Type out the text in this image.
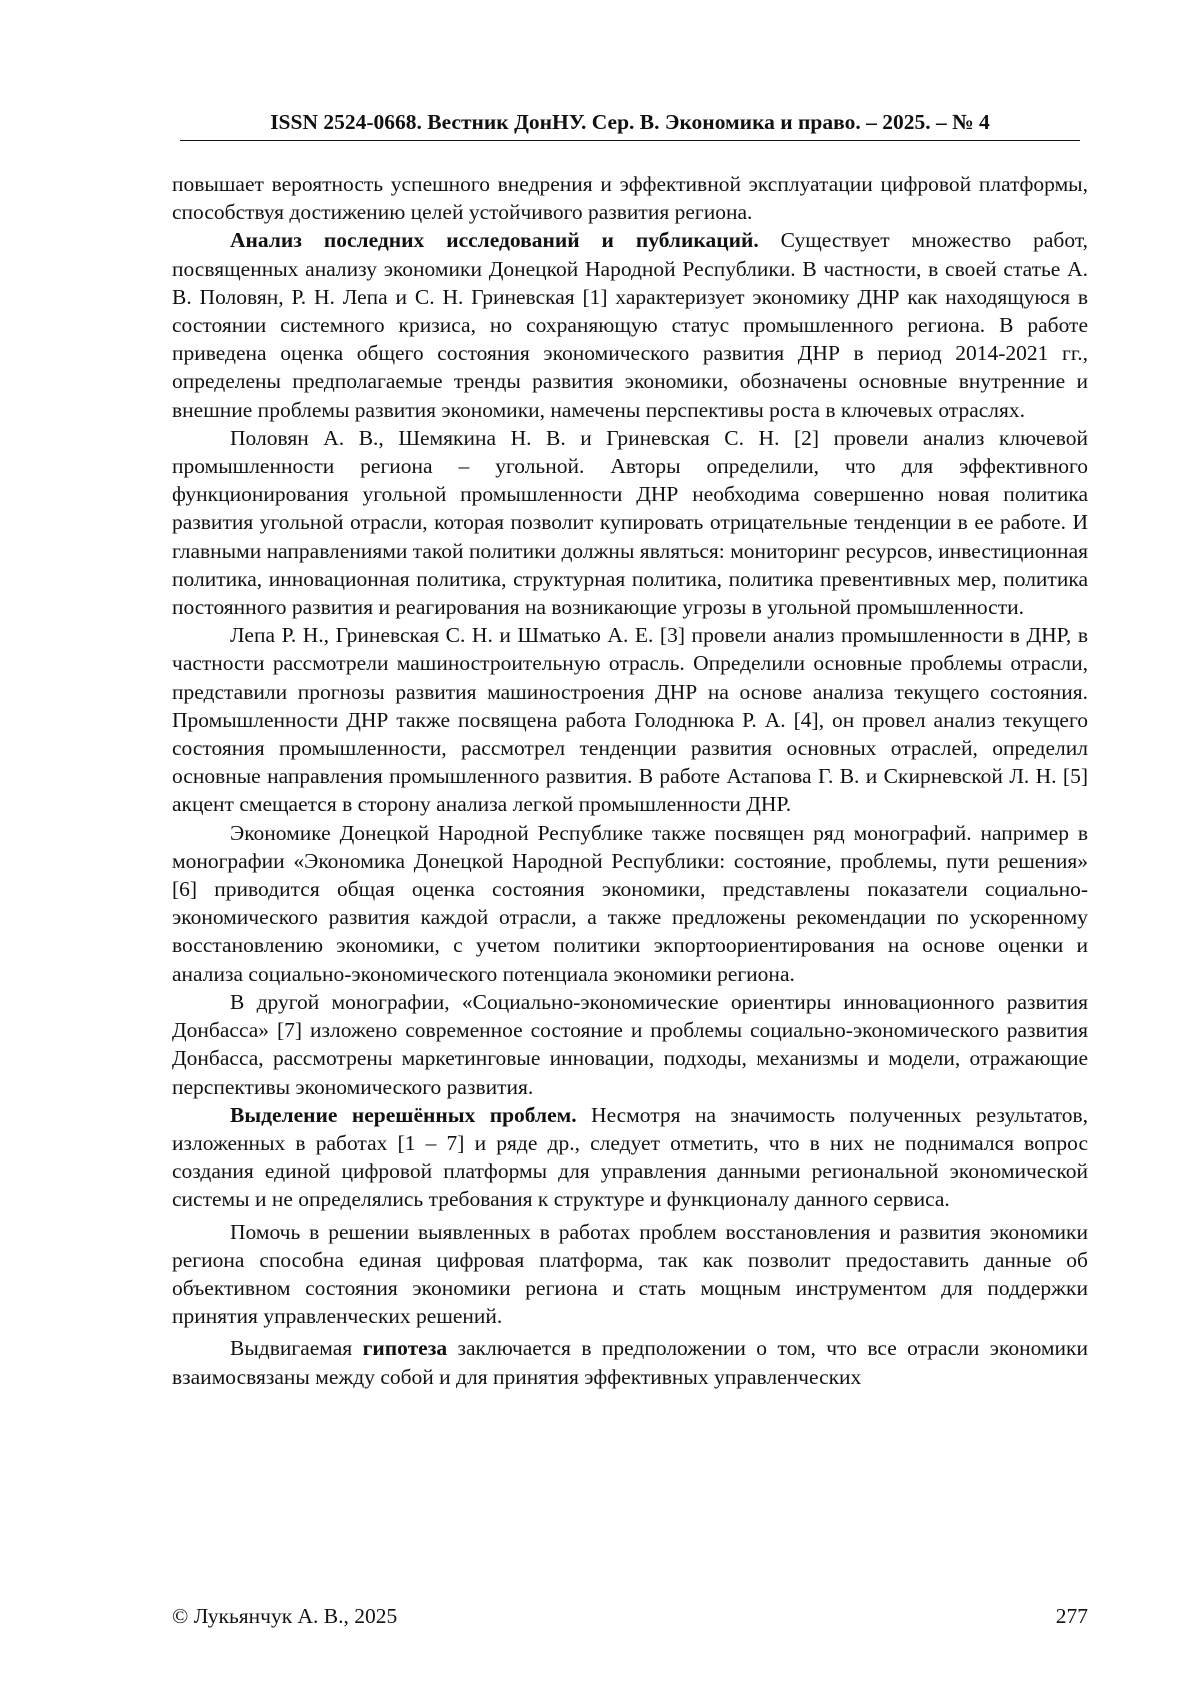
ISSN 2524-0668. Вестник ДонНУ. Сер. В. Экономика и право. – 2025. – № 4

повышает вероятность успешного внедрения и эффективной эксплуатации цифровой платформы, способствуя достижению целей устойчивого развития региона.

Анализ последних исследований и публикаций. Существует множество работ, посвященных анализу экономики Донецкой Народной Республики. В частности, в своей статье А. В. Половян, Р. Н. Лепа и С. Н. Гриневская [1] характеризует экономику ДНР как находящуюся в состоянии системного кризиса, но сохраняющую статус промышленного региона. В работе приведена оценка общего состояния экономического развития ДНР в период 2014-2021 гг., определены предполагаемые тренды развития экономики, обозначены основные внутренние и внешние проблемы развития экономики, намечены перспективы роста в ключевых отраслях.

Половян А. В., Шемякина Н. В. и Гриневская С. Н. [2] провели анализ ключевой промышленности региона – угольной. Авторы определили, что для эффективного функционирования угольной промышленности ДНР необходима совершенно новая политика развития угольной отрасли, которая позволит купировать отрицательные тенденции в ее работе. И главными направлениями такой политики должны являться: мониторинг ресурсов, инвестиционная политика, инновационная политика, структурная политика, политика превентивных мер, политика постоянного развития и реагирования на возникающие угрозы в угольной промышленности.

Лепа Р. Н., Гриневская С. Н. и Шматько А. Е. [3] провели анализ промышленности в ДНР, в частности рассмотрели машиностроительную отрасль. Определили основные проблемы отрасли, представили прогнозы развития машиностроения ДНР на основе анализа текущего состояния. Промышленности ДНР также посвящена работа Голоднюка Р. А. [4], он провел анализ текущего состояния промышленности, рассмотрел тенденции развития основных отраслей, определил основные направления промышленного развития. В работе Астапова Г. В. и Скирневской Л. Н. [5] акцент смещается в сторону анализа легкой промышленности ДНР.

Экономике Донецкой Народной Республике также посвящен ряд монографий. например в монографии «Экономика Донецкой Народной Республики: состояние, проблемы, пути решения» [6] приводится общая оценка состояния экономики, представлены показатели социально-экономического развития каждой отрасли, а также предложены рекомендации по ускоренному восстановлению экономики, с учетом политики экпортоориентирования на основе оценки и анализа социально-экономического потенциала экономики региона.

В другой монографии, «Социально-экономические ориентиры инновационного развития Донбасса» [7] изложено современное состояние и проблемы социально-экономического развития Донбасса, рассмотрены маркетинговые инновации, подходы, механизмы и модели, отражающие перспективы экономического развития.

Выделение нерешённых проблем. Несмотря на значимость полученных результатов, изложенных в работах [1 – 7] и ряде др., следует отметить, что в них не поднимался вопрос создания единой цифровой платформы для управления данными региональной экономической системы и не определялись требования к структуре и функционалу данного сервиса.

Помочь в решении выявленных в работах проблем восстановления и развития экономики региона способна единая цифровая платформа, так как позволит предоставить данные об объективном состояния экономики региона и стать мощным инструментом для поддержки принятия управленческих решений.

Выдвигаемая гипотеза заключается в предположении о том, что все отрасли экономики взаимосвязаны между собой и для принятия эффективных управленческих

© Лукьянчук А. В., 2025	277
